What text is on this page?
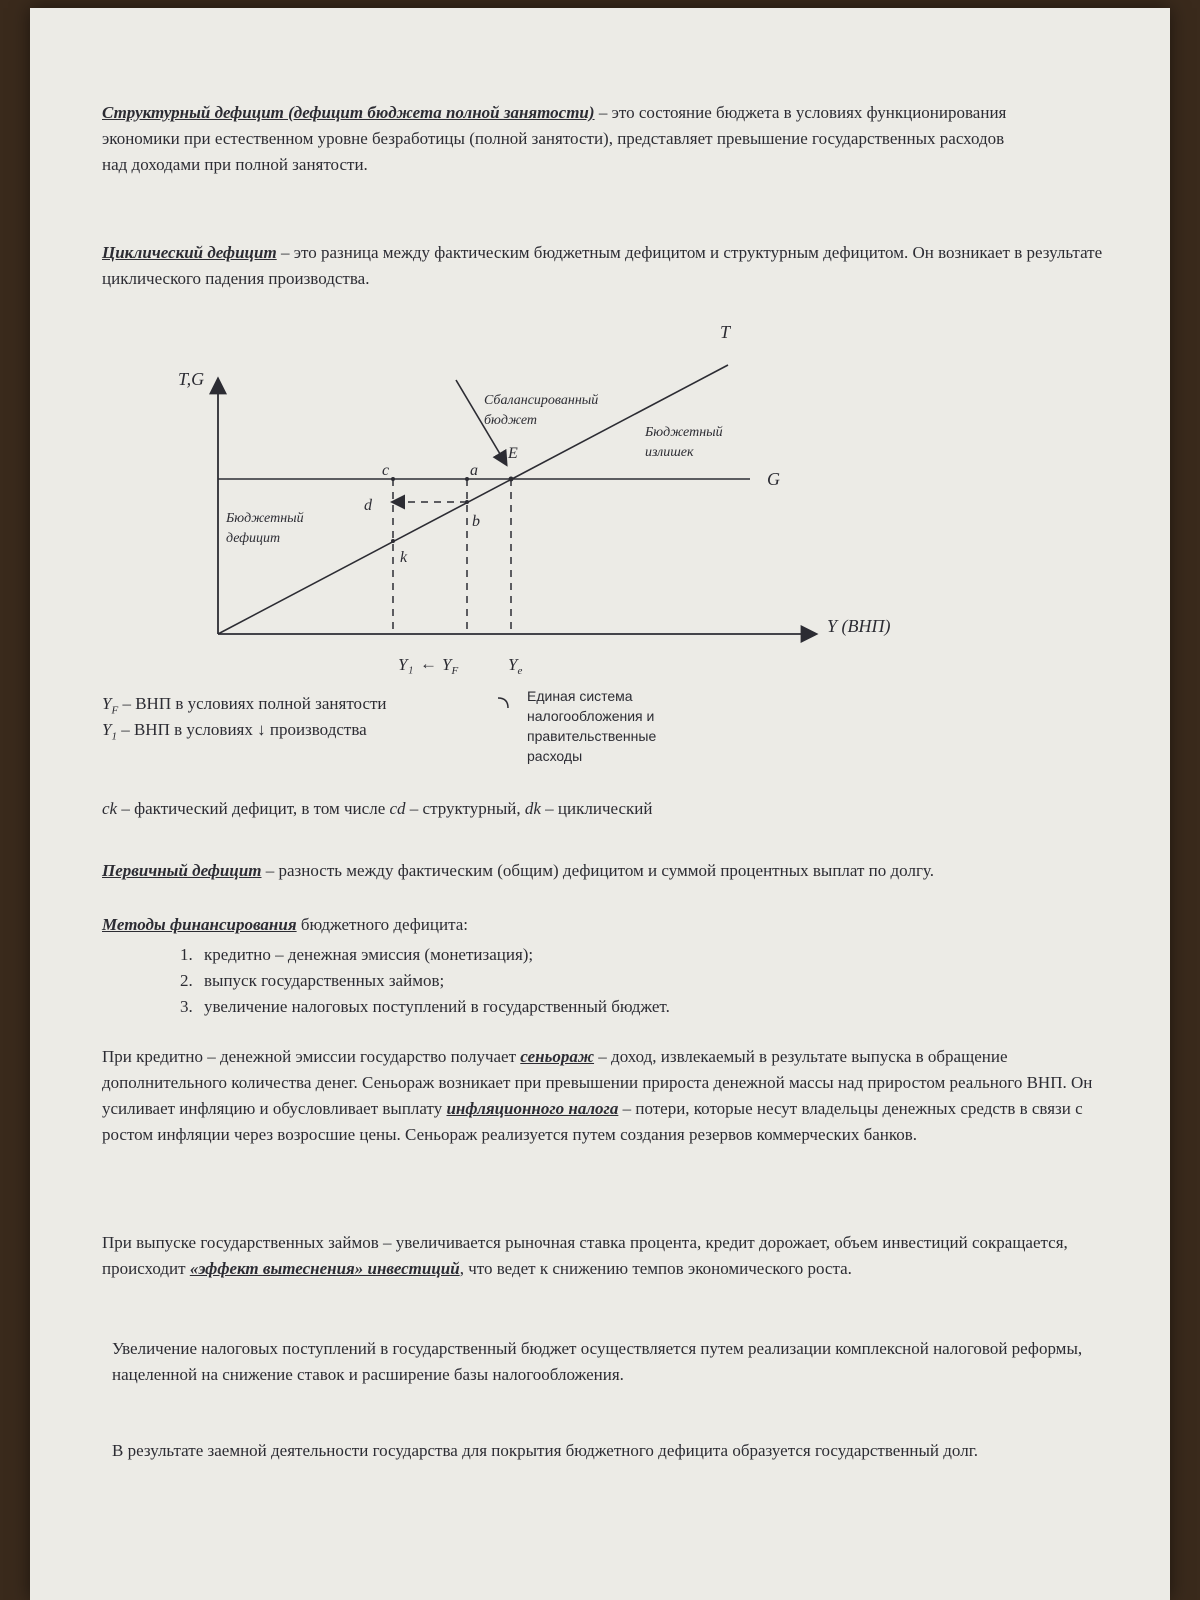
Структурный дефицит (дефицит бюджета полной занятости) – это состояние бюджета в условиях функционирования экономики при естественном уровне безработицы (полной занятости), представляет превышение государственных расходов над доходами при полной занятости.

Циклический дефицит – это разница между фактическим бюджетным дефицитом и структурным дефицитом. Он возникает в результате циклического падения производства.

T,G
Y (ВНП)
T
G
Сбалансированный
бюджет
Бюджетный
излишек
Бюджетный
дефицит
E
a
c
d
b
k
Y₁ ← $Y_F$	$Y_e$
$Y_F$ – ВНП в условиях полной занятости
$Y_1$ – ВНП в условиях ↓ производства
Единая система налогообложения и правительственные расходы

ck – фактический дефицит, в том числе cd – структурный, dk – циклический

Первичный дефицит – разность между фактическим (общим) дефицитом и суммой процентных выплат по долгу.

Методы финансирования бюджетного дефицита:

1. кредитно – денежная эмиссия (монетизация);
2. выпуск государственных займов;
3. увеличение налоговых поступлений в государственный бюджет.

При кредитно – денежной эмиссии государство получает сеньораж – доход, извлекаемый в результате выпуска в обращение дополнительного количества денег. Сеньораж возникает при превышении прироста денежной массы над приростом реального ВНП. Он усиливает инфляцию и обусловливает выплату инфляционного налога – потери, которые несут владельцы денежных средств в связи с ростом инфляции через возросшие цены. Сеньораж реализуется путем создания резервов коммерческих банков.

При выпуске государственных займов – увеличивается рыночная ставка процента, кредит дорожает, объем инвестиций сокращается, происходит «эффект вытеснения» инвестиций, что ведет к снижению темпов экономического роста.

Увеличение налоговых поступлений в государственный бюджет осуществляется путем реализации комплексной налоговой реформы, нацеленной на снижение ставок и расширение базы налогообложения.

В результате заемной деятельности государства для покрытия бюджетного дефицита образуется государственный долг.
